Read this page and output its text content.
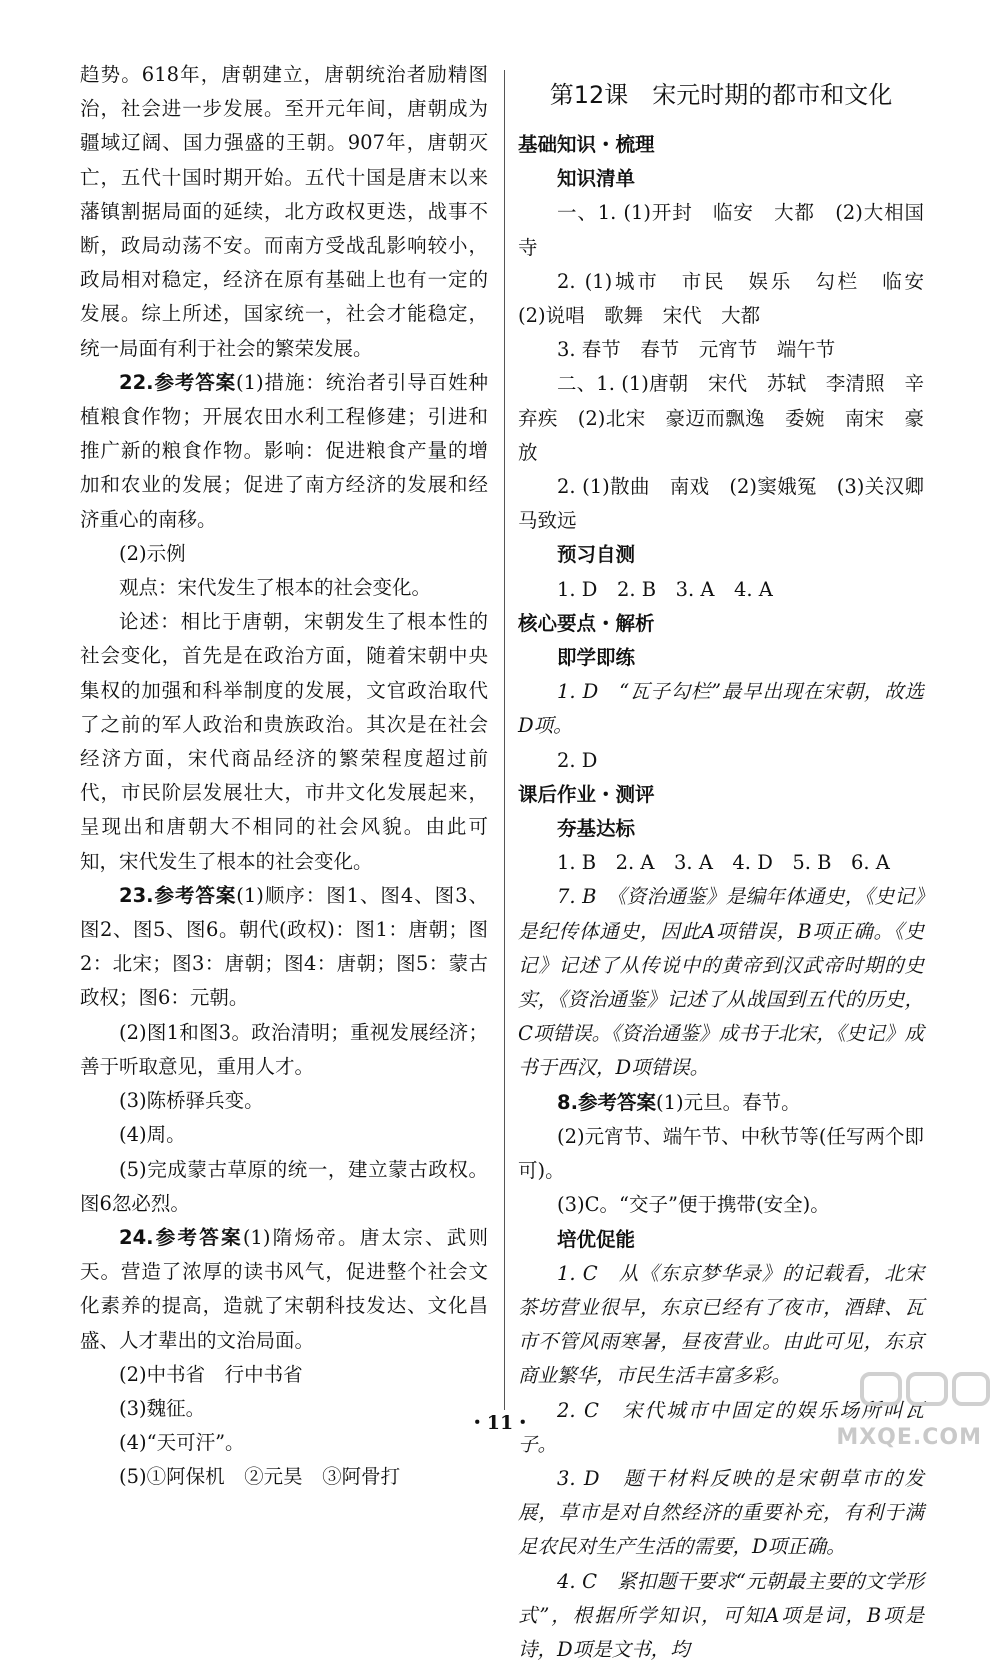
趋势。618年，唐朝建立，唐朝统治者励精图治，社会进一步发展。至开元年间，唐朝成为疆域辽阔、国力强盛的王朝。907年，唐朝灭亡，五代十国时期开始。五代十国是唐末以来藩镇割据局面的延续，北方政权更迭，战事不断，政局动荡不安。而南方受战乱影响较小，政局相对稳定，经济在原有基础上也有一定的发展。综上所述，国家统一，社会才能稳定，统一局面有利于社会的繁荣发展。

22.参考答案(1)措施：统治者引导百姓种植粮食作物；开展农田水利工程修建；引进和推广新的粮食作物。影响：促进粮食产量的增加和农业的发展；促进了南方经济的发展和经济重心的南移。

(2)示例

观点：宋代发生了根本的社会变化。

论述：相比于唐朝，宋朝发生了根本性的社会变化，首先是在政治方面，随着宋朝中央集权的加强和科举制度的发展，文官政治取代了之前的军人政治和贵族政治。其次是在社会经济方面，宋代商品经济的繁荣程度超过前代，市民阶层发展壮大，市井文化发展起来，呈现出和唐朝大不相同的社会风貌。由此可知，宋代发生了根本的社会变化。

23.参考答案(1)顺序：图1、图4、图3、图2、图5、图6。朝代(政权)：图1：唐朝；图2：北宋；图3：唐朝；图4：唐朝；图5：蒙古政权；图6：元朝。

(2)图1和图3。政治清明；重视发展经济；善于听取意见，重用人才。

(3)陈桥驿兵变。

(4)周。

(5)完成蒙古草原的统一，建立蒙古政权。图6忽必烈。

24.参考答案(1)隋炀帝。唐太宗、武则天。营造了浓厚的读书风气，促进整个社会文化素养的提高，造就了宋朝科技发达、文化昌盛、人才辈出的文治局面。

(2)中书省　行中书省

(3)魏征。

(4)“天可汗”。

(5)①阿保机　②元昊　③阿骨打

第12课　宋元时期的都市和文化

基础知识・梳理

知识清单

一、1. (1)开封　临安　大都　(2)大相国寺

2. (1)城市　市民　娱乐　勾栏　临安　(2)说唱　歌舞　宋代　大都

3. 春节　春节　元宵节　端午节

二、1. (1)唐朝　宋代　苏轼　李清照　辛弃疾　(2)北宋　豪迈而飘逸　委婉　南宋　豪放

2. (1)散曲　南戏　(2)窦娥冤　(3)关汉卿　马致远

预习自测

1. D　2. B　3. A　4. A

核心要点・解析

即学即练

1. D　“瓦子勾栏”最早出现在宋朝，故选D项。

2. D

课后作业・测评

夯基达标

1. B　2. A　3. A　4. D　5. B　6. A

7. B　《资治通鉴》是编年体通史，《史记》是纪传体通史，因此A项错误，B项正确。《史记》记述了从传说中的黄帝到汉武帝时期的史实，《资治通鉴》记述了从战国到五代的历史，C项错误。《资治通鉴》成书于北宋，《史记》成书于西汉，D项错误。

8.参考答案(1)元旦。春节。

(2)元宵节、端午节、中秋节等(任写两个即可)。

(3)C。“交子”便于携带(安全)。

培优促能

1. C　从《东京梦华录》的记载看，北宋茶坊营业很早，东京已经有了夜市，酒肆、瓦市不管风雨寒暑，昼夜营业。由此可见，东京商业繁华，市民生活丰富多彩。

2. C　宋代城市中固定的娱乐场所叫瓦子。

3. D　题干材料反映的是宋朝草市的发展，草市是对自然经济的重要补充，有利于满足农民对生产生活的需要，D项正确。

4. C　紧扣题干要求“元朝最主要的文学形式”，根据所学知识，可知A项是词，B项是诗，D项是文书，均

・11・
MXQE.COM
